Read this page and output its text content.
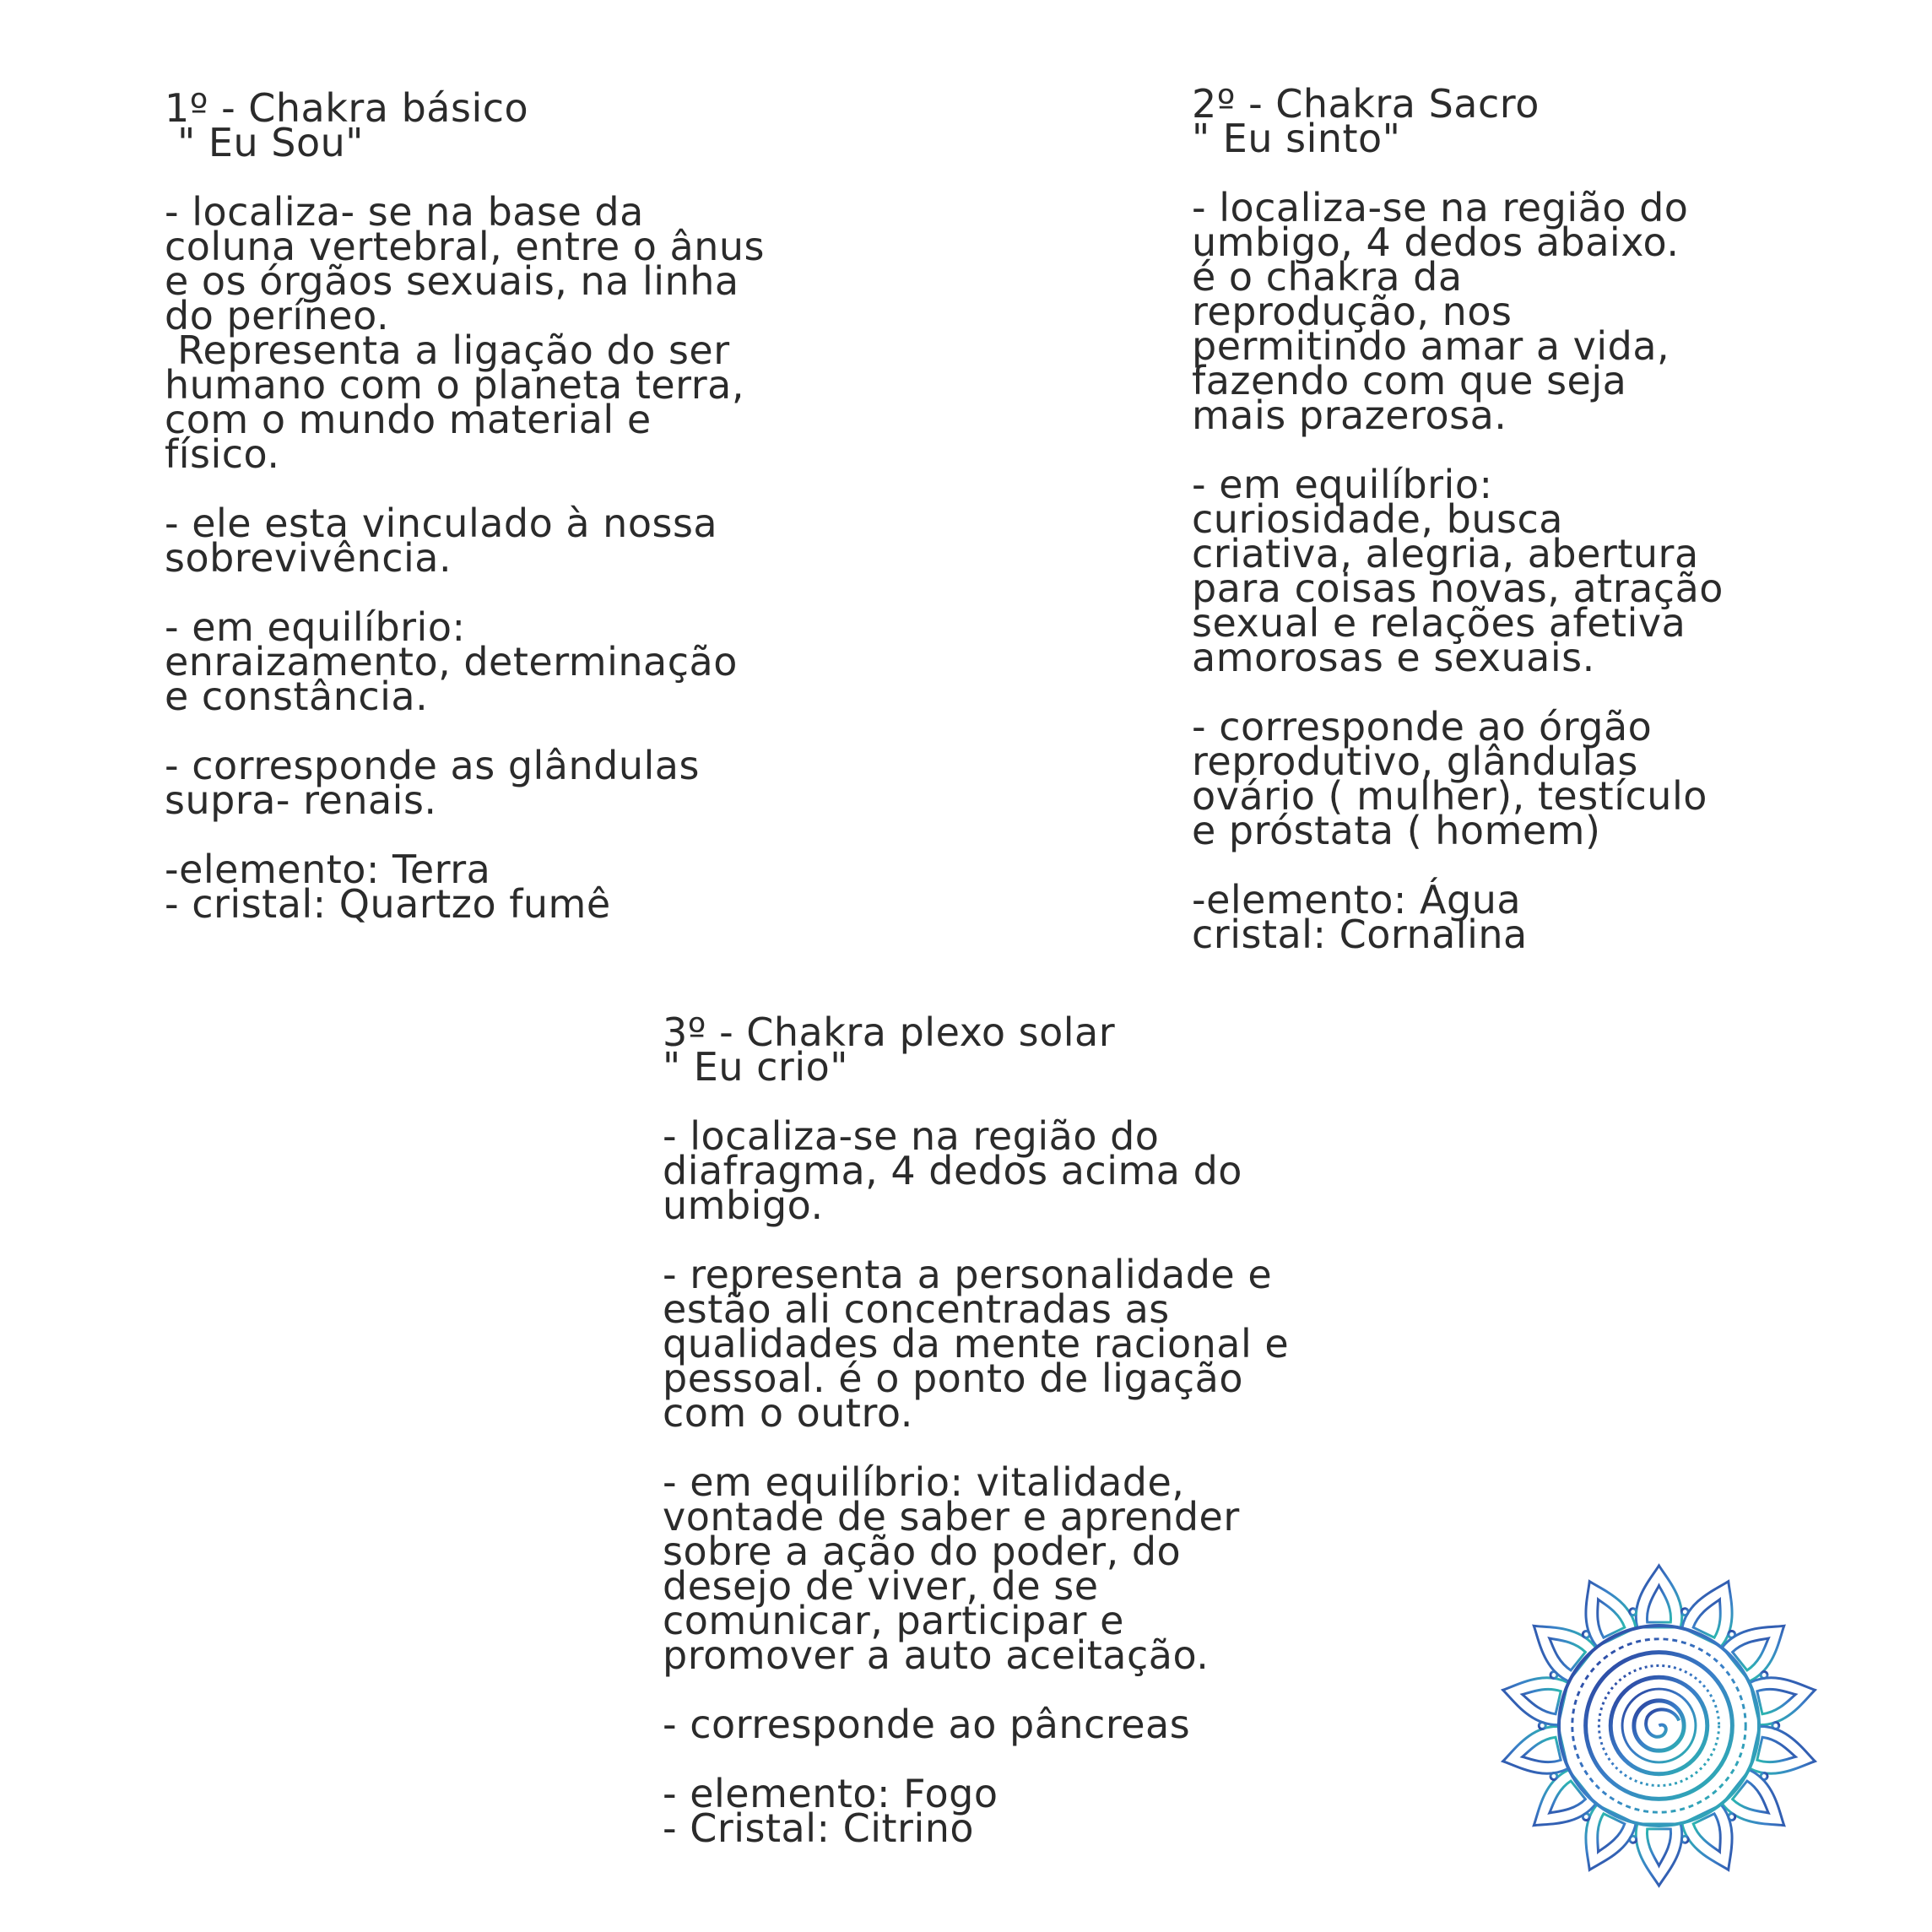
1º - Chakra básico
" Eu Sou"
- localiza- se na base da
coluna vertebral, entre o ânus
e os órgãos sexuais, na linha
do períneo.
Representa a ligação do ser
humano com o planeta terra,
com o mundo material e
físico.
- ele esta vinculado à nossa
sobrevivência.
- em equilíbrio:
enraizamento, determinação
e constância.
- corresponde as glândulas
supra- renais.
-elemento: Terra
- cristal: Quartzo fumê
2º - Chakra Sacro
" Eu sinto"
- localiza-se na região do
umbigo, 4 dedos abaixo.
é o chakra da
reprodução, nos
permitindo amar a vida,
fazendo com que seja
mais prazerosa.
- em equilíbrio:
curiosidade, busca
criativa, alegria, abertura
para coisas novas, atração
sexual e relações afetiva
amorosas e sexuais.
- corresponde ao órgão
reprodutivo, glândulas
ovário ( mulher), testículo
e próstata ( homem)
-elemento: Água
cristal: Cornalina
3º - Chakra plexo solar
" Eu crio"
- localiza-se na região do
diafragma, 4 dedos acima do
umbigo.
- representa a personalidade e
estão ali concentradas as
qualidades da mente racional e
pessoal. é o ponto de ligação
com o outro.
- em equilíbrio: vitalidade,
vontade de saber e aprender
sobre a ação do poder, do
desejo de viver, de se
comunicar, participar e
promover a auto aceitação.
- corresponde ao pâncreas
- elemento: Fogo
- Cristal: Citrino
